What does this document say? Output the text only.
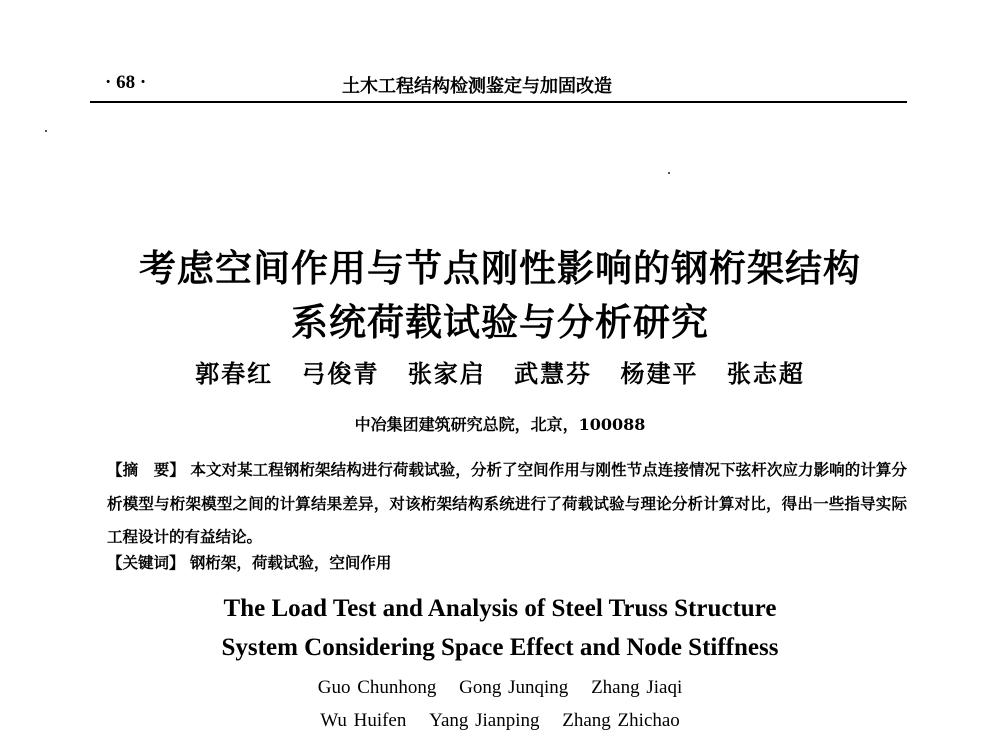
· 68 ·	土木工程结构检测鉴定与加固改造
考虑空间作用与节点刚性影响的钢桁架结构
系统荷载试验与分析研究
郭春红 弓俊青 张家启 武慧芬 杨建平 张志超
中冶集团建筑研究总院，北京，100088
【摘　要】 本文对某工程钢桁架结构进行荷载试验，分析了空间作用与刚性节点连接情况下弦杆次应力影响的计算分析模型与桁架模型之间的计算结果差异，对该桁架结构系统进行了荷载试验与理论分析计算对比，得出一些指导实际工程设计的有益结论。
【关键词】 钢桁架，荷载试验，空间作用
The Load Test and Analysis of Steel Truss Structure
System Considering Space Effect and Node Stiffness
Guo Chunhong Gong Junqing Zhang Jiaqi
Wu Huifen Yang Jianping Zhang Zhichao
